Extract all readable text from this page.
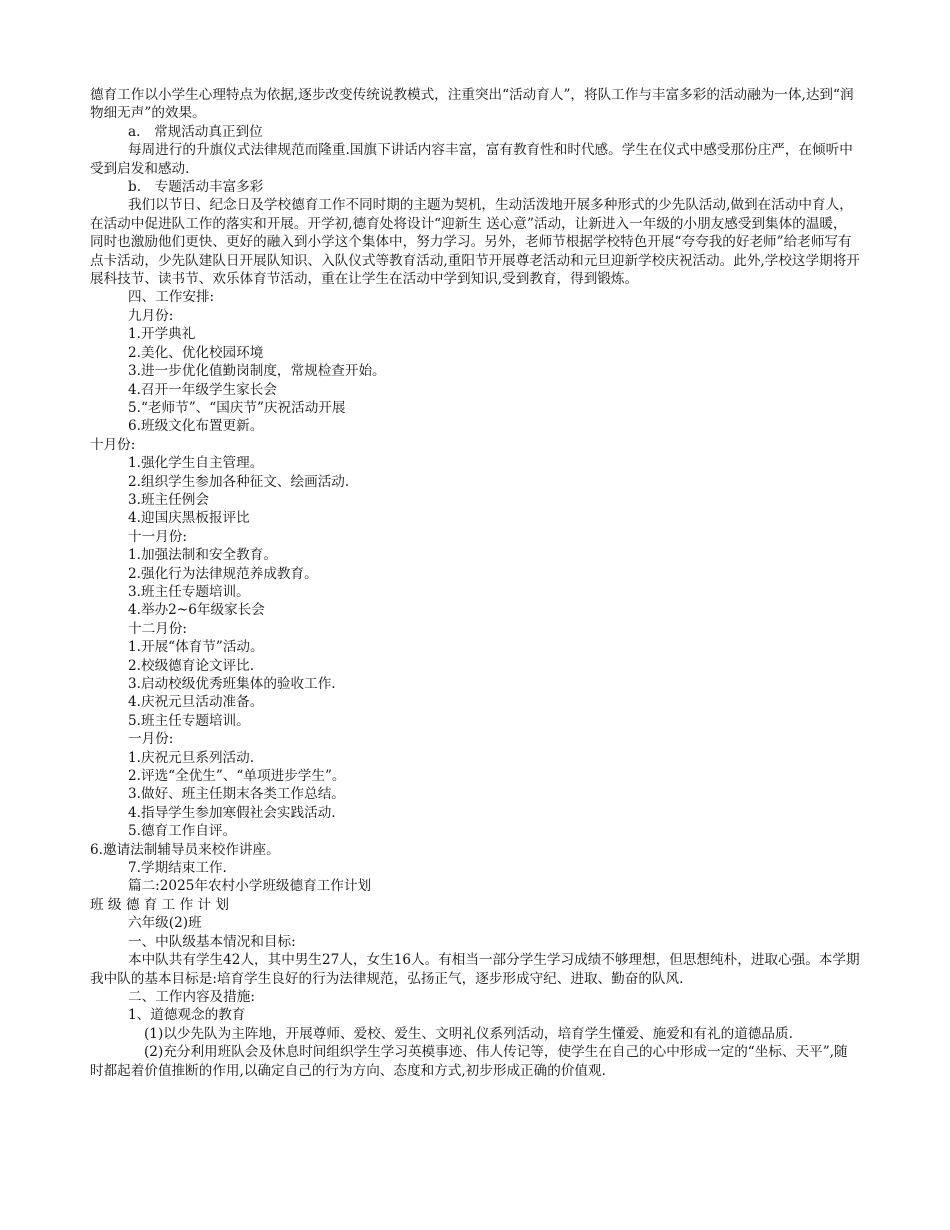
德育工作以小学生心理特点为依据,逐步改变传统说教模式，注重突出“活动育人”，将队工作与丰富多彩的活动融为一体,达到“润物细无声”的效果。

a.　常规活动真正到位

每周进行的升旗仪式法律规范而隆重.国旗下讲话内容丰富，富有教育性和时代感。学生在仪式中感受那份庄严，在倾听中受到启发和感动.

b.　专题活动丰富多彩

我们以节日、纪念日及学校德育工作不同时期的主题为契机，生动活泼地开展多种形式的少先队活动,做到在活动中育人，在活动中促进队工作的落实和开展。开学初,德育处将设计“迎新生 送心意”活动，让新进入一年级的小朋友感受到集体的温暖，同时也激励他们更快、更好的融入到小学这个集体中，努力学习。另外，老师节根据学校特色开展“夸夸我的好老师”给老师写有点卡活动，少先队建队日开展队知识、入队仪式等教育活动,重阳节开展尊老活动和元旦迎新学校庆祝活动。此外,学校这学期将开展科技节、读书节、欢乐体育节活动，重在让学生在活动中学到知识,受到教育，得到锻炼。

四、工作安排:

九月份:

1.开学典礼

2.美化、优化校园环境

3.进一步优化值勤岗制度，常规检查开始。

4.召开一年级学生家长会

5.“老师节”、“国庆节”庆祝活动开展

6.班级文化布置更新。

十月份:

1.强化学生自主管理。

2.组织学生参加各种征文、绘画活动.

3.班主任例会

4.迎国庆黑板报评比

十一月份:

1.加强法制和安全教育。

2.强化行为法律规范养成教育。

3.班主任专题培训。

4.举办2~6年级家长会

十二月份:

1.开展“体育节”活动。

2.校级德育论文评比.

3.启动校级优秀班集体的验收工作.

4.庆祝元旦活动准备。

5.班主任专题培训。

一月份:

1.庆祝元旦系列活动.

2.评选“全优生”、“单项进步学生”。

3.做好、班主任期末各类工作总结。

4.指导学生参加寒假社会实践活动.

5.德育工作自评。

6.邀请法制辅导员来校作讲座。

7.学期结束工作.

篇二:2025年农村小学班级德育工作计划

班 级 德 育 工 作 计 划

六年级(2)班

一、中队级基本情况和目标:

本中队共有学生42人，其中男生27人，女生16人。有相当一部分学生学习成绩不够理想，但思想纯朴，进取心强。本学期我中队的基本目标是:培育学生良好的行为法律规范，弘扬正气，逐步形成守纪、进取、勤奋的队风.

二、工作内容及措施:

1、道德观念的教育

(1)以少先队为主阵地，开展尊师、爱校、爱生、文明礼仪系列活动，培育学生懂爱、施爱和有礼的道德品质.

(2)充分利用班队会及休息时间组织学生学习英模事迹、伟人传记等，使学生在自己的心中形成一定的“坐标、天平”,随时都起着价值推断的作用,以确定自己的行为方向、态度和方式,初步形成正确的价值观.
